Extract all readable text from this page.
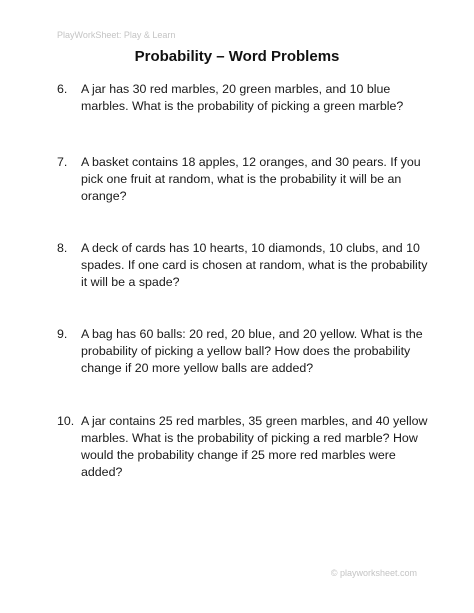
PlayWorkSheet: Play & Learn
Probability – Word Problems
6.	A jar has 30 red marbles, 20 green marbles, and 10 blue marbles. What is the probability of picking a green marble?
7.	A basket contains 18 apples, 12 oranges, and 30 pears. If you pick one fruit at random, what is the probability it will be an orange?
8.	A deck of cards has 10 hearts, 10 diamonds, 10 clubs, and 10 spades. If one card is chosen at random, what is the probability it will be a spade?
9.	A bag has 60 balls: 20 red, 20 blue, and 20 yellow. What is the probability of picking a yellow ball? How does the probability change if 20 more yellow balls are added?
10. A jar contains 25 red marbles, 35 green marbles, and 40 yellow marbles. What is the probability of picking a red marble? How would the probability change if 25 more red marbles were added?
© playworksheet.com
